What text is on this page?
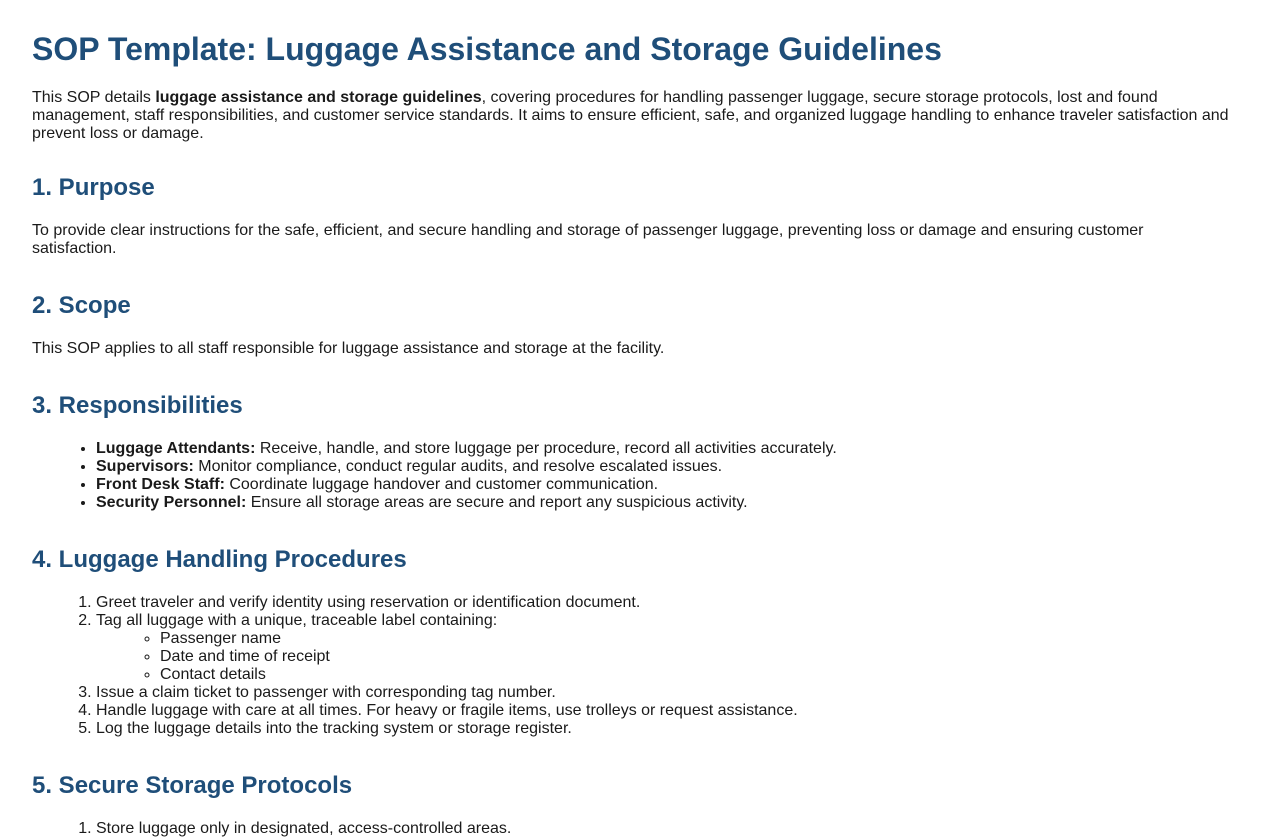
SOP Template: Luggage Assistance and Storage Guidelines

This SOP details luggage assistance and storage guidelines, covering procedures for handling passenger luggage, secure storage protocols, lost and found management, staff responsibilities, and customer service standards. It aims to ensure efficient, safe, and organized luggage handling to enhance traveler satisfaction and prevent loss or damage.

1. Purpose

To provide clear instructions for the safe, efficient, and secure handling and storage of passenger luggage, preventing loss or damage and ensuring customer satisfaction.

2. Scope

This SOP applies to all staff responsible for luggage assistance and storage at the facility.

3. Responsibilities
• Luggage Attendants: Receive, handle, and store luggage per procedure, record all activities accurately.
• Supervisors: Monitor compliance, conduct regular audits, and resolve escalated issues.
• Front Desk Staff: Coordinate luggage handover and customer communication.
• Security Personnel: Ensure all storage areas are secure and report any suspicious activity.
4. Luggage Handling Procedures
1. Greet traveler and verify identity using reservation or identification document.
2. Tag all luggage with a unique, traceable label containing:
◦ Passenger name
◦ Date and time of receipt
◦ Contact details
3. Issue a claim ticket to passenger with corresponding tag number.
4. Handle luggage with care at all times. For heavy or fragile items, use trolleys or request assistance.
5. Log the luggage details into the tracking system or storage register.
5. Secure Storage Protocols
1. Store luggage only in designated, access-controlled areas.
